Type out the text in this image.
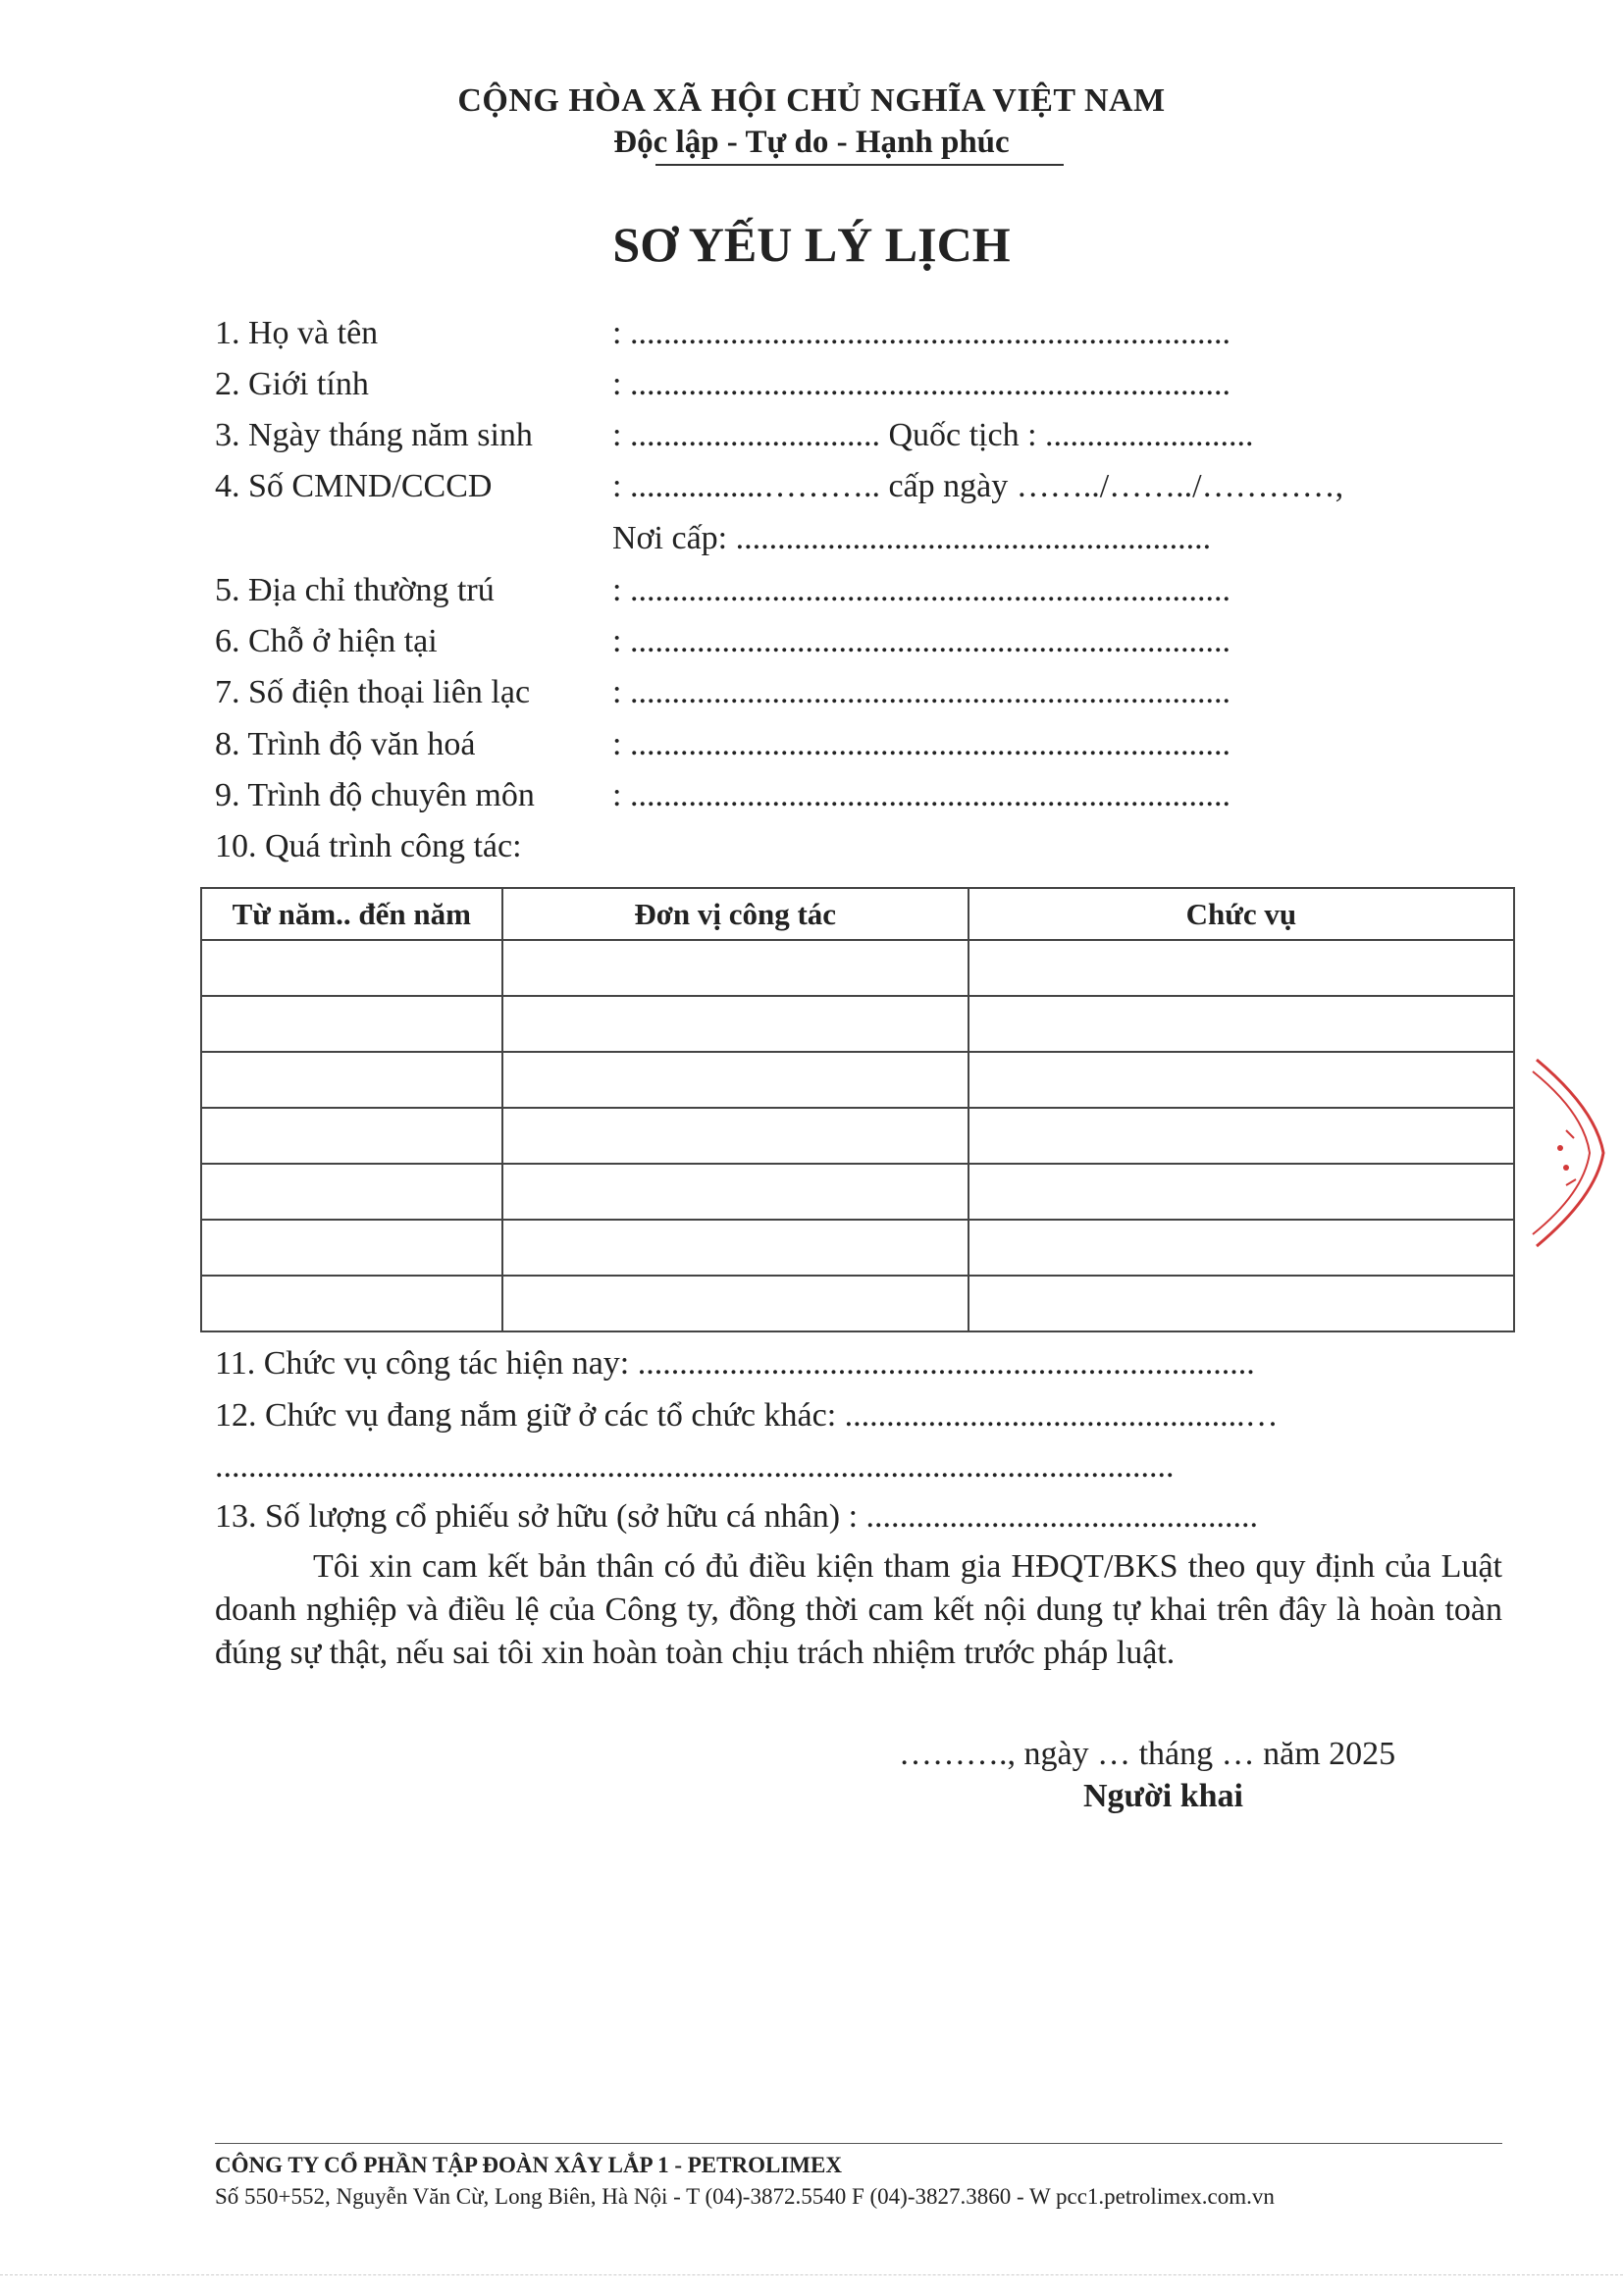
CỘNG HÒA XÃ HỘI CHỦ NGHĨA VIỆT NAM
Độc lập - Tự do - Hạnh phúc
SƠ YẾU LÝ LỊCH
1. Họ và tên	: ........................................................................
2. Giới tính	: ........................................................................
3. Ngày tháng năm sinh : .............................. Quốc tịch : .........................
4. Số CMND/CCCD	: ................……….. cấp ngày ……../……../…………,
Nơi cấp: .........................................................
5. Địa chỉ thường trú	: ........................................................................
6. Chỗ ở hiện tại	: ........................................................................
7. Số điện thoại liên lạc : ........................................................................
8. Trình độ văn hoá	: ........................................................................
9. Trình độ chuyên môn : ........................................................................
10. Quá trình công tác:
Từ năm.. đến năm	Đơn vị công tác	Chức vụ

11. Chức vụ công tác hiện nay: ..........................................................................
12. Chức vụ đang nắm giữ ở các tổ chức khác: ................................................…
...................................................................................................................
13. Số lượng cổ phiếu sở hữu (sở hữu cá nhân) : ...............................................
Tôi xin cam kết bản thân có đủ điều kiện tham gia HĐQT/BKS theo quy định của Luật doanh nghiệp và điều lệ của Công ty, đồng thời cam kết nội dung tự khai trên đây là hoàn toàn đúng sự thật, nếu sai tôi xin hoàn toàn chịu trách nhiệm trước pháp luật.
………., ngày … tháng … năm 2025
Người khai
CÔNG TY CỔ PHẦN TẬP ĐOÀN XÂY LẮP 1 - PETROLIMEX
Số 550+552, Nguyễn Văn Cừ, Long Biên, Hà Nội - T (04)-3872.5540 F (04)-3827.3860 - W pcc1.petrolimex.com.vn
